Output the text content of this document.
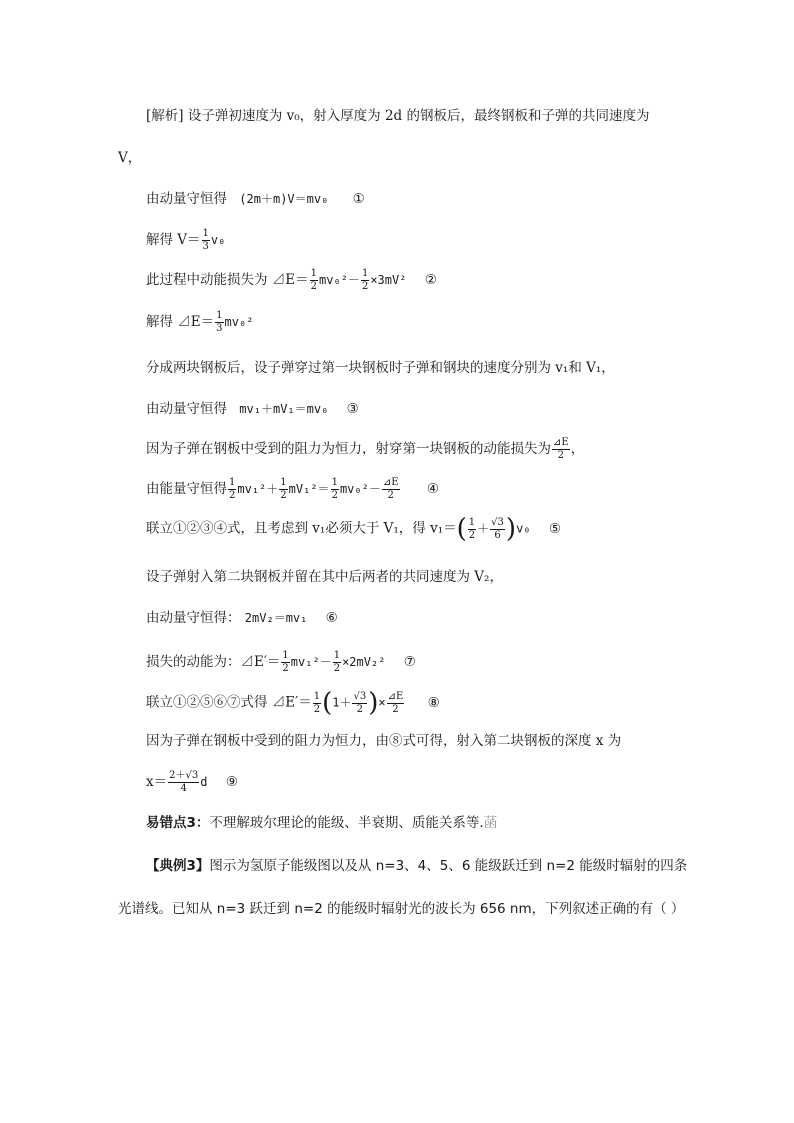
[解析] 设子弹初速度为 v₀，射入厚度为 2d 的钢板后，最终钢板和子弹的共同速度为
V，
由动量守恒得 (2m＋m)V＝mv₀ ①
解得 $V= \frac{1}{3} v_0$
此过程中动能损失为 ⊿E＝ $\frac{1}{2} mv_0^2- \frac{1}{2} \times 3mV^2$ ②
解得 ⊿E＝ $\frac{1}{3} mv_0^2$
分成两块钢板后，设子弹穿过第一块钢板时子弹和钢块的速度分别为 v₁和 V₁，
由动量守恒得 mv₁＋mV₁＝mv₀ ③
因为子弹在钢板中受到的阻力为恒力，射穿第一块钢板的动能损失为 $\frac{⊿E}{2}$ ，
由能量守恒得 $\frac{1}{2} mv_1^2+ \frac{1}{2} mV_1^2= \frac{1}{2} mv_0^2- \frac{⊿E}{2}$ ④
联立①②③④式，且考虑到 v₁必须大于 V₁，得 $v_1=( \frac{1}{2} + \frac{√3}{6} )v_0$ ⑤
设子弹射入第二块钢板并留在其中后两者的共同速度为 V₂，
由动量守恒得： 2mV₂＝mv₁ ⑥
损失的动能为：⊿E′＝ $\frac{1}{2} mv_1^2- \frac{1}{2} \times 2mV_2^2$ ⑦
联立①②⑤⑥⑦式得 ⊿E′＝ $\frac{1}{2} (1+ \frac{√3}{2}$ )× $\frac{⊿E}{2}$ ⑧
因为子弹在钢板中受到的阻力为恒力，由⑧式可得，射入第二块钢板的深度 x 为
$x= \frac{2+√3}{4}$ d ⑨
易错点3：不理解玻尔理论的能级、半衰期、质能关系等.菡
【典例3】图示为氢原子能级图以及从 n=3、4、5、6 能级跃迁到 n=2 能级时辐射的四条
光谱线。已知从 n=3 跃迁到 n=2 的能级时辐射光的波长为 656 nm，下列叙述正确的有（ ）
